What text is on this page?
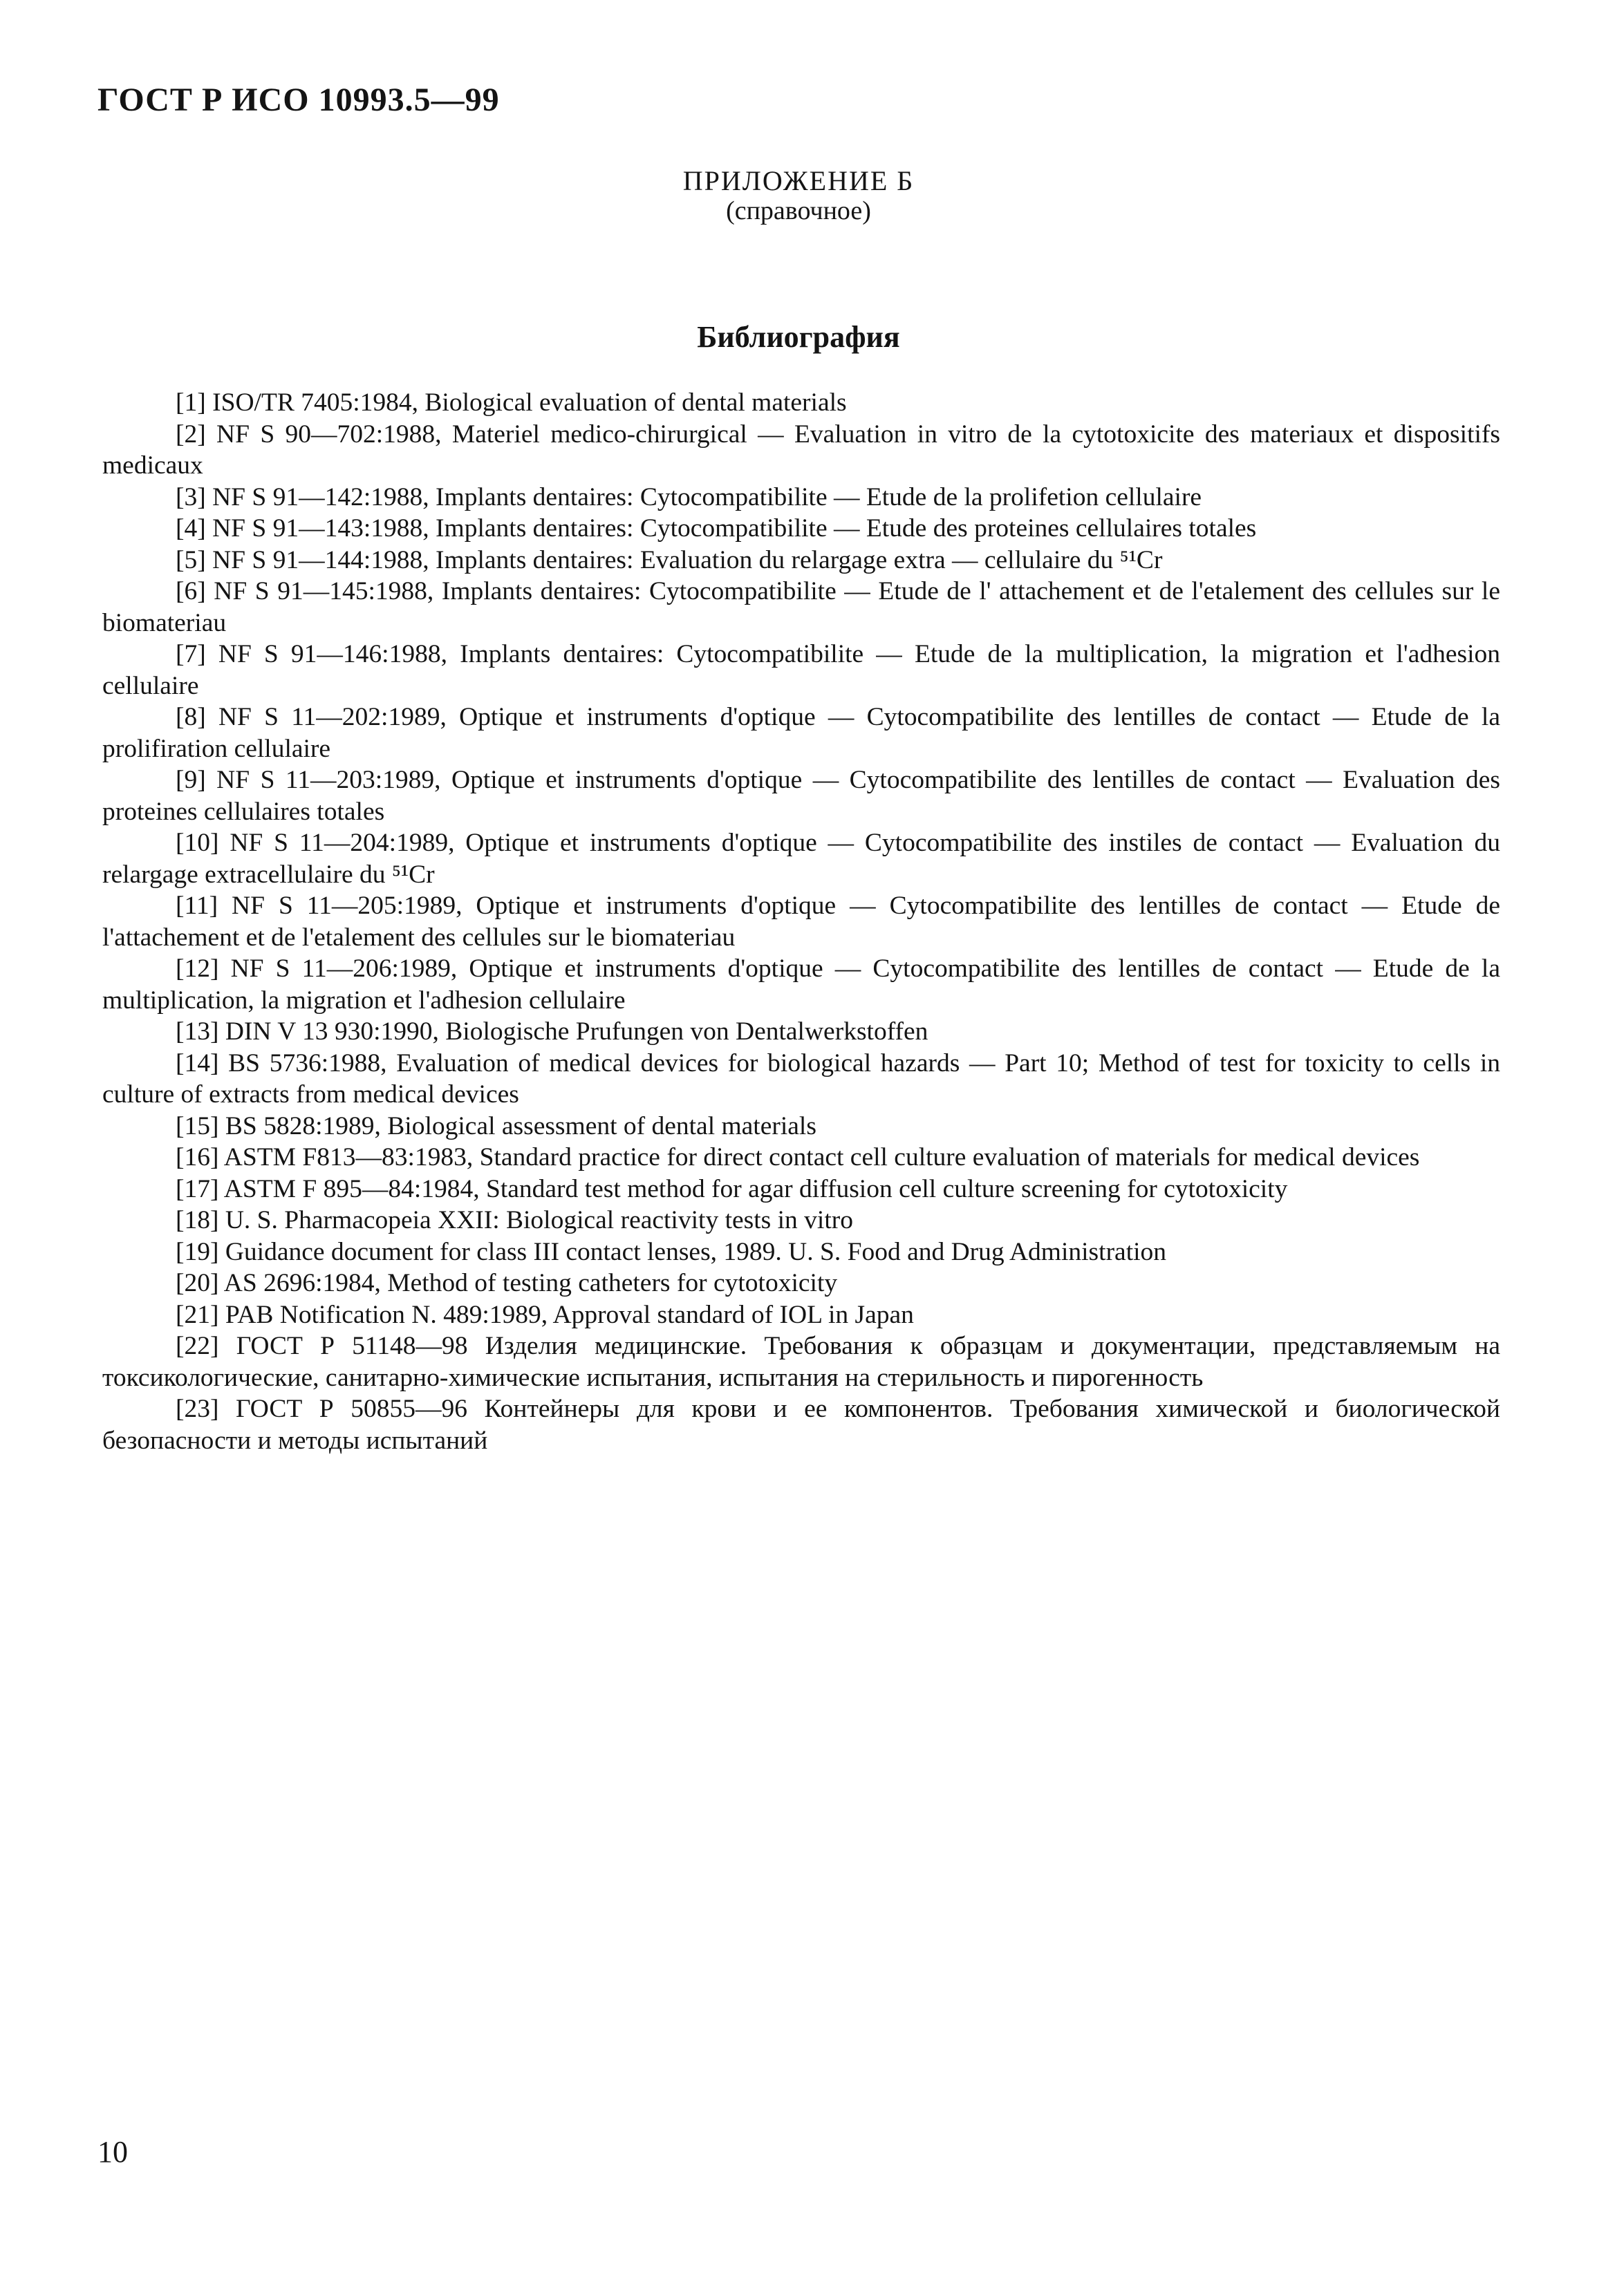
ГОСТ Р ИСО 10993.5—99
ПРИЛОЖЕНИЕ Б
(справочное)
Библиография

[1] ISO/TR 7405:1984, Biological evaluation of dental materials

[2] NF S 90—702:1988, Materiel medico-chirurgical — Evaluation in vitro de la cytotoxicite des materiaux et dispositifs medicaux

[3] NF S 91—142:1988, Implants dentaires: Cytocompatibilite — Etude de la prolifetion cellulaire

[4] NF S 91—143:1988, Implants dentaires: Cytocompatibilite — Etude des proteines cellulaires totales

[5] NF S 91—144:1988, Implants dentaires: Evaluation du relargage extra — cellulaire du ⁵¹Cr

[6] NF S 91—145:1988, Implants dentaires: Cytocompatibilite — Etude de l' attachement et de l'etalement des cellules sur le biomateriau

[7] NF S 91—146:1988, Implants dentaires: Cytocompatibilite — Etude de la multiplication, la migration et l'adhesion cellulaire

[8] NF S 11—202:1989, Optique et instruments d'optique — Cytocompatibilite des lentilles de contact — Etude de la prolifiration cellulaire

[9] NF S 11—203:1989, Optique et instruments d'optique — Cytocompatibilite des lentilles de contact — Evaluation des proteines cellulaires totales

[10] NF S 11—204:1989, Optique et instruments d'optique — Cytocompatibilite des instiles de contact — Evaluation du relargage extracellulaire du ⁵¹Cr

[11] NF S 11—205:1989, Optique et instruments d'optique — Cytocompatibilite des lentilles de contact — Etude de l'attachement et de l'etalement des cellules sur le biomateriau

[12] NF S 11—206:1989, Optique et instruments d'optique — Cytocompatibilite des lentilles de contact — Etude de la multiplication, la migration et l'adhesion cellulaire

[13] DIN V 13 930:1990, Biologische Prufungen von Dentalwerkstoffen

[14] BS 5736:1988, Evaluation of medical devices for biological hazards — Part 10; Method of test for toxicity to cells in culture of extracts from medical devices

[15] BS 5828:1989, Biological assessment of dental materials

[16] ASTM F813—83:1983, Standard practice for direct contact cell culture evaluation of materials for medical devices

[17] ASTM F 895—84:1984, Standard test method for agar diffusion cell culture screening for cytotoxicity

[18] U. S. Pharmacopeia XXII: Biological reactivity tests in vitro

[19] Guidance document for class III contact lenses, 1989. U. S. Food and Drug Administration

[20] AS 2696:1984, Method of testing catheters for cytotoxicity

[21] PAB Notification N. 489:1989, Approval standard of IOL in Japan

[22] ГОСТ Р 51148—98 Изделия медицинские. Требования к образцам и документации, представляемым на токсикологические, санитарно-химические испытания, испытания на стерильность и пирогенность

[23] ГОСТ Р 50855—96 Контейнеры для крови и ее компонентов. Требования химической и биологической безопасности и методы испытаний

10
